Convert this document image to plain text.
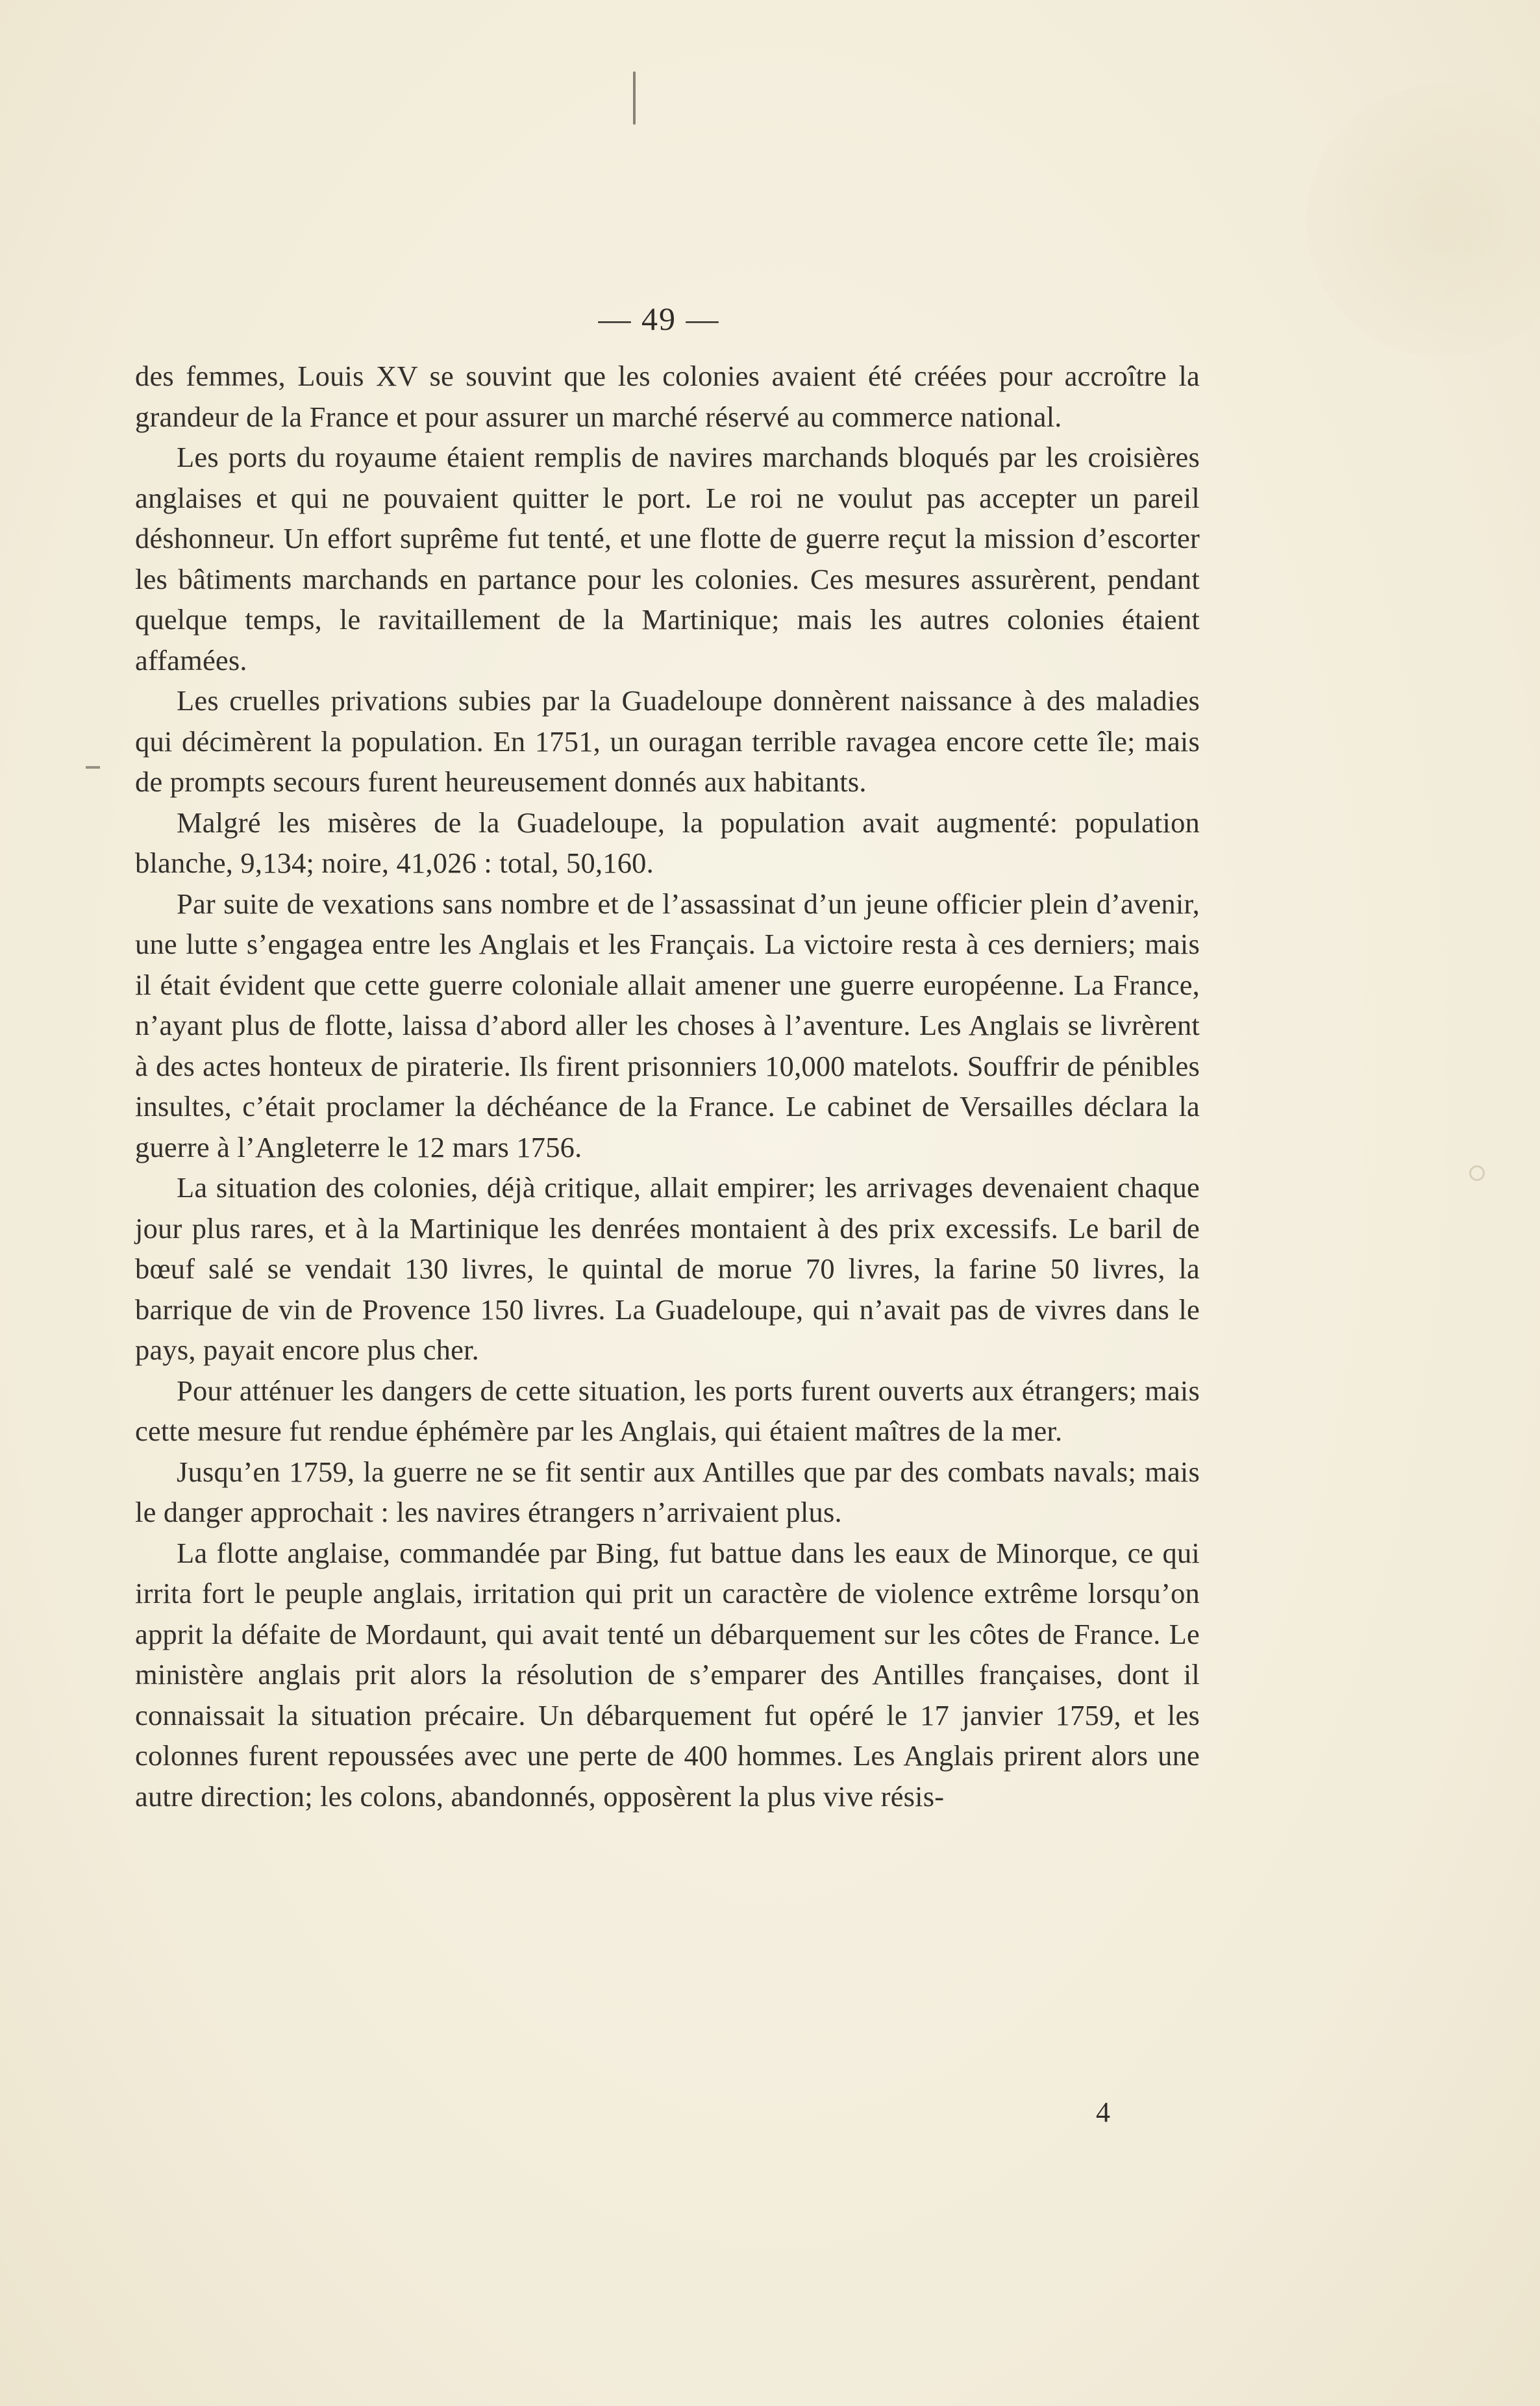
— 49 —

des femmes, Louis XV se souvint que les colonies avaient été créées pour accroître la grandeur de la France et pour assurer un marché réservé au commerce national.

Les ports du royaume étaient remplis de navires marchands bloqués par les croisières anglaises et qui ne pouvaient quitter le port. Le roi ne voulut pas accepter un pareil déshonneur. Un effort suprême fut tenté, et une flotte de guerre reçut la mission d’escorter les bâtiments marchands en partance pour les colonies. Ces mesures assurèrent, pendant quelque temps, le ravitaillement de la Martinique; mais les autres colonies étaient affamées.

Les cruelles privations subies par la Guadeloupe donnèrent naissance à des maladies qui décimèrent la population. En 1751, un ouragan terrible ravagea encore cette île; mais de prompts secours furent heureusement donnés aux habitants.

Malgré les misères de la Guadeloupe, la population avait augmenté: population blanche, 9,134; noire, 41,026 : total, 50,160.

Par suite de vexations sans nombre et de l’assassinat d’un jeune officier plein d’avenir, une lutte s’engagea entre les Anglais et les Français. La victoire resta à ces derniers; mais il était évident que cette guerre coloniale allait amener une guerre européenne. La France, n’ayant plus de flotte, laissa d’abord aller les choses à l’aventure. Les Anglais se livrèrent à des actes honteux de piraterie. Ils firent prisonniers 10,000 matelots. Souffrir de pénibles insultes, c’était proclamer la déchéance de la France. Le cabinet de Versailles déclara la guerre à l’Angleterre le 12 mars 1756.

La situation des colonies, déjà critique, allait empirer; les arrivages devenaient chaque jour plus rares, et à la Martinique les denrées montaient à des prix excessifs. Le baril de bœuf salé se vendait 130 livres, le quintal de morue 70 livres, la farine 50 livres, la barrique de vin de Provence 150 livres. La Guadeloupe, qui n’avait pas de vivres dans le pays, payait encore plus cher.

Pour atténuer les dangers de cette situation, les ports furent ouverts aux étrangers; mais cette mesure fut rendue éphémère par les Anglais, qui étaient maîtres de la mer.

Jusqu’en 1759, la guerre ne se fit sentir aux Antilles que par des combats navals; mais le danger approchait : les navires étrangers n’arrivaient plus.

La flotte anglaise, commandée par Bing, fut battue dans les eaux de Minorque, ce qui irrita fort le peuple anglais, irritation qui prit un caractère de violence extrême lorsqu’on apprit la défaite de Mordaunt, qui avait tenté un débarquement sur les côtes de France. Le ministère anglais prit alors la résolution de s’emparer des Antilles françaises, dont il connaissait la situation précaire. Un débarquement fut opéré le 17 janvier 1759, et les colonnes furent repoussées avec une perte de 400 hommes. Les Anglais prirent alors une autre direction; les colons, abandonnés, opposèrent la plus vive résis-

4
